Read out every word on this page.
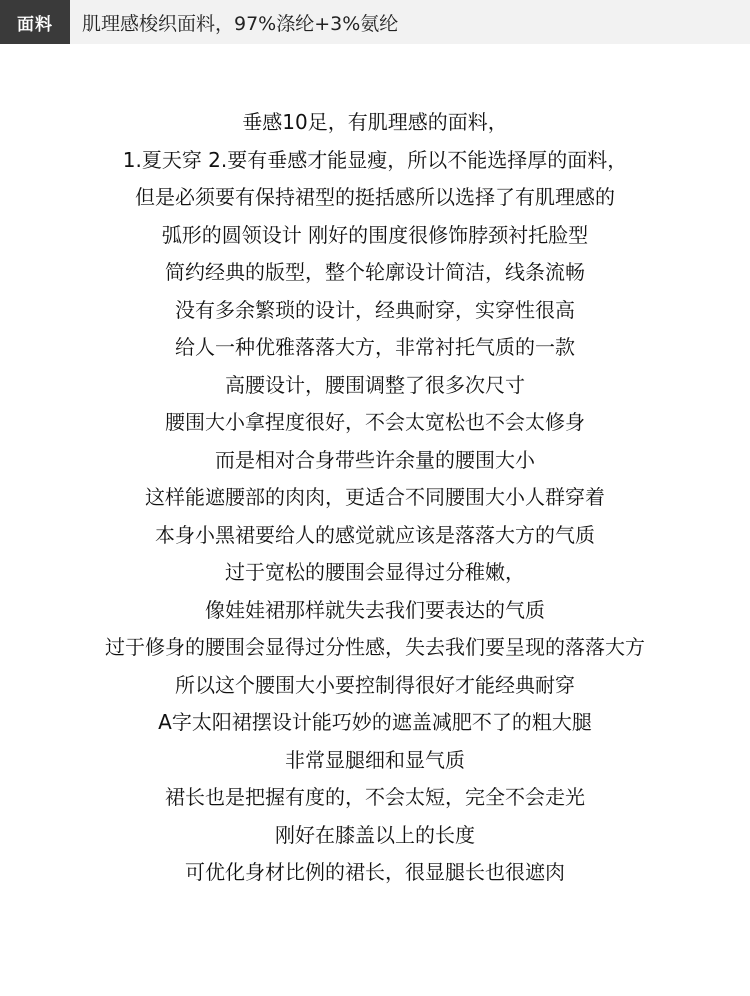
面料	肌理感梭织面料，97%涤纶+3%氨纶
垂感10足，有肌理感的面料，
1.夏天穿 2.要有垂感才能显瘦，所以不能选择厚的面料，
但是必须要有保持裙型的挺括感所以选择了有肌理感的
弧形的圆领设计 刚好的围度很修饰脖颈衬托脸型
简约经典的版型，整个轮廓设计简洁，线条流畅
没有多余繁琐的设计，经典耐穿，实穿性很高
给人一种优雅落落大方，非常衬托气质的一款
高腰设计，腰围调整了很多次尺寸
腰围大小拿捏度很好，不会太宽松也不会太修身
而是相对合身带些许余量的腰围大小
这样能遮腰部的肉肉，更适合不同腰围大小人群穿着
本身小黑裙要给人的感觉就应该是落落大方的气质
过于宽松的腰围会显得过分稚嫩，
像娃娃裙那样就失去我们要表达的气质
过于修身的腰围会显得过分性感，失去我们要呈现的落落大方
所以这个腰围大小要控制得很好才能经典耐穿
A字太阳裙摆设计能巧妙的遮盖减肥不了的粗大腿
非常显腿细和显气质
裙长也是把握有度的，不会太短，完全不会走光
刚好在膝盖以上的长度
可优化身材比例的裙长，很显腿长也很遮肉
